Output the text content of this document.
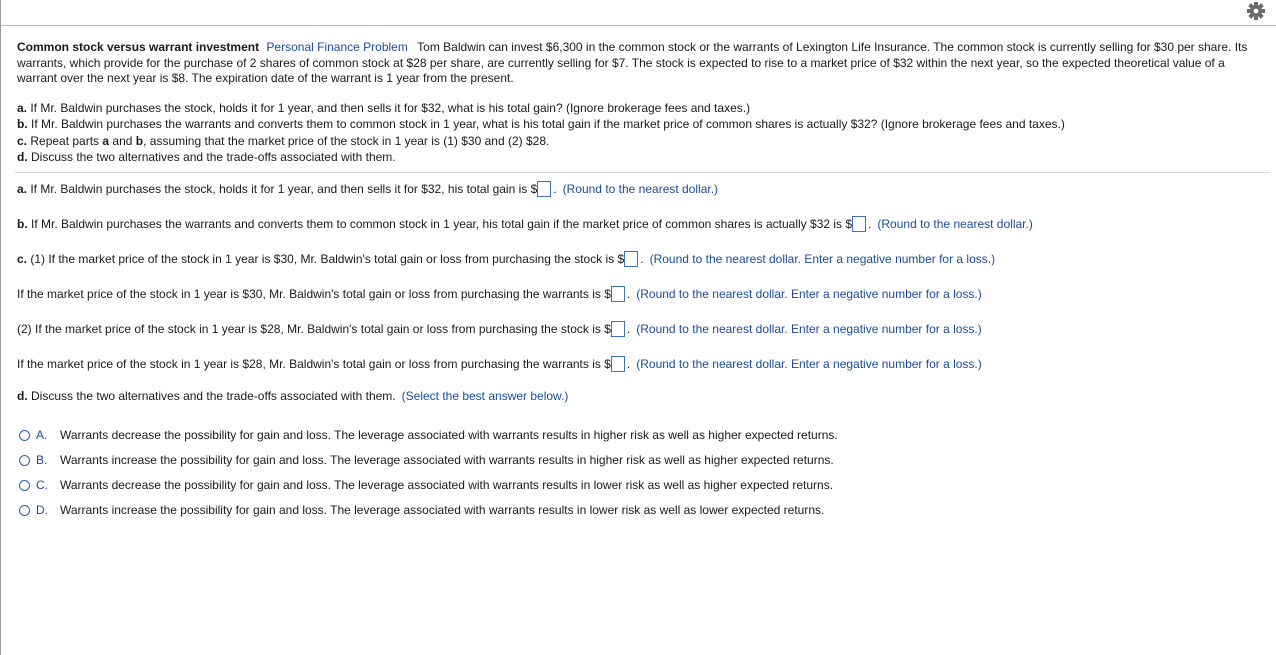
Common stock versus warrant investment Personal Finance Problem Tom Baldwin can invest $6,300 in the common stock or the warrants of Lexington Life Insurance. The common stock is currently selling for $30 per share. Its warrants, which provide for the purchase of 2 shares of common stock at $28 per share, are currently selling for $7. The stock is expected to rise to a market price of $32 within the next year, so the expected theoretical value of a warrant over the next year is $8. The expiration date of the warrant is 1 year from the present.
a. If Mr. Baldwin purchases the stock, holds it for 1 year, and then sells it for $32, what is his total gain? (Ignore brokerage fees and taxes.)
b. If Mr. Baldwin purchases the warrants and converts them to common stock in 1 year, what is his total gain if the market price of common shares is actually $32? (Ignore brokerage fees and taxes.)
c. Repeat parts a and b, assuming that the market price of the stock in 1 year is (1) $30 and (2) $28.
d. Discuss the two alternatives and the trade-offs associated with them.
a. If Mr. Baldwin purchases the stock, holds it for 1 year, and then sells it for $32, his total gain is $ . (Round to the nearest dollar.)
b. If Mr. Baldwin purchases the warrants and converts them to common stock in 1 year, his total gain if the market price of common shares is actually $32 is $ . (Round to the nearest dollar.)
c. (1) If the market price of the stock in 1 year is $30, Mr. Baldwin's total gain or loss from purchasing the stock is $ . (Round to the nearest dollar. Enter a negative number for a loss.)
If the market price of the stock in 1 year is $30, Mr. Baldwin's total gain or loss from purchasing the warrants is $ . (Round to the nearest dollar. Enter a negative number for a loss.)
(2) If the market price of the stock in 1 year is $28, Mr. Baldwin's total gain or loss from purchasing the stock is $ . (Round to the nearest dollar. Enter a negative number for a loss.)
If the market price of the stock in 1 year is $28, Mr. Baldwin's total gain or loss from purchasing the warrants is $ . (Round to the nearest dollar. Enter a negative number for a loss.)
d. Discuss the two alternatives and the trade-offs associated with them. (Select the best answer below.)
A.	Warrants decrease the possibility for gain and loss. The leverage associated with warrants results in higher risk as well as higher expected returns.
B.	Warrants increase the possibility for gain and loss. The leverage associated with warrants results in higher risk as well as higher expected returns.
C.	Warrants decrease the possibility for gain and loss. The leverage associated with warrants results in lower risk as well as higher expected returns.
D.	Warrants increase the possibility for gain and loss. The leverage associated with warrants results in lower risk as well as lower expected returns.
